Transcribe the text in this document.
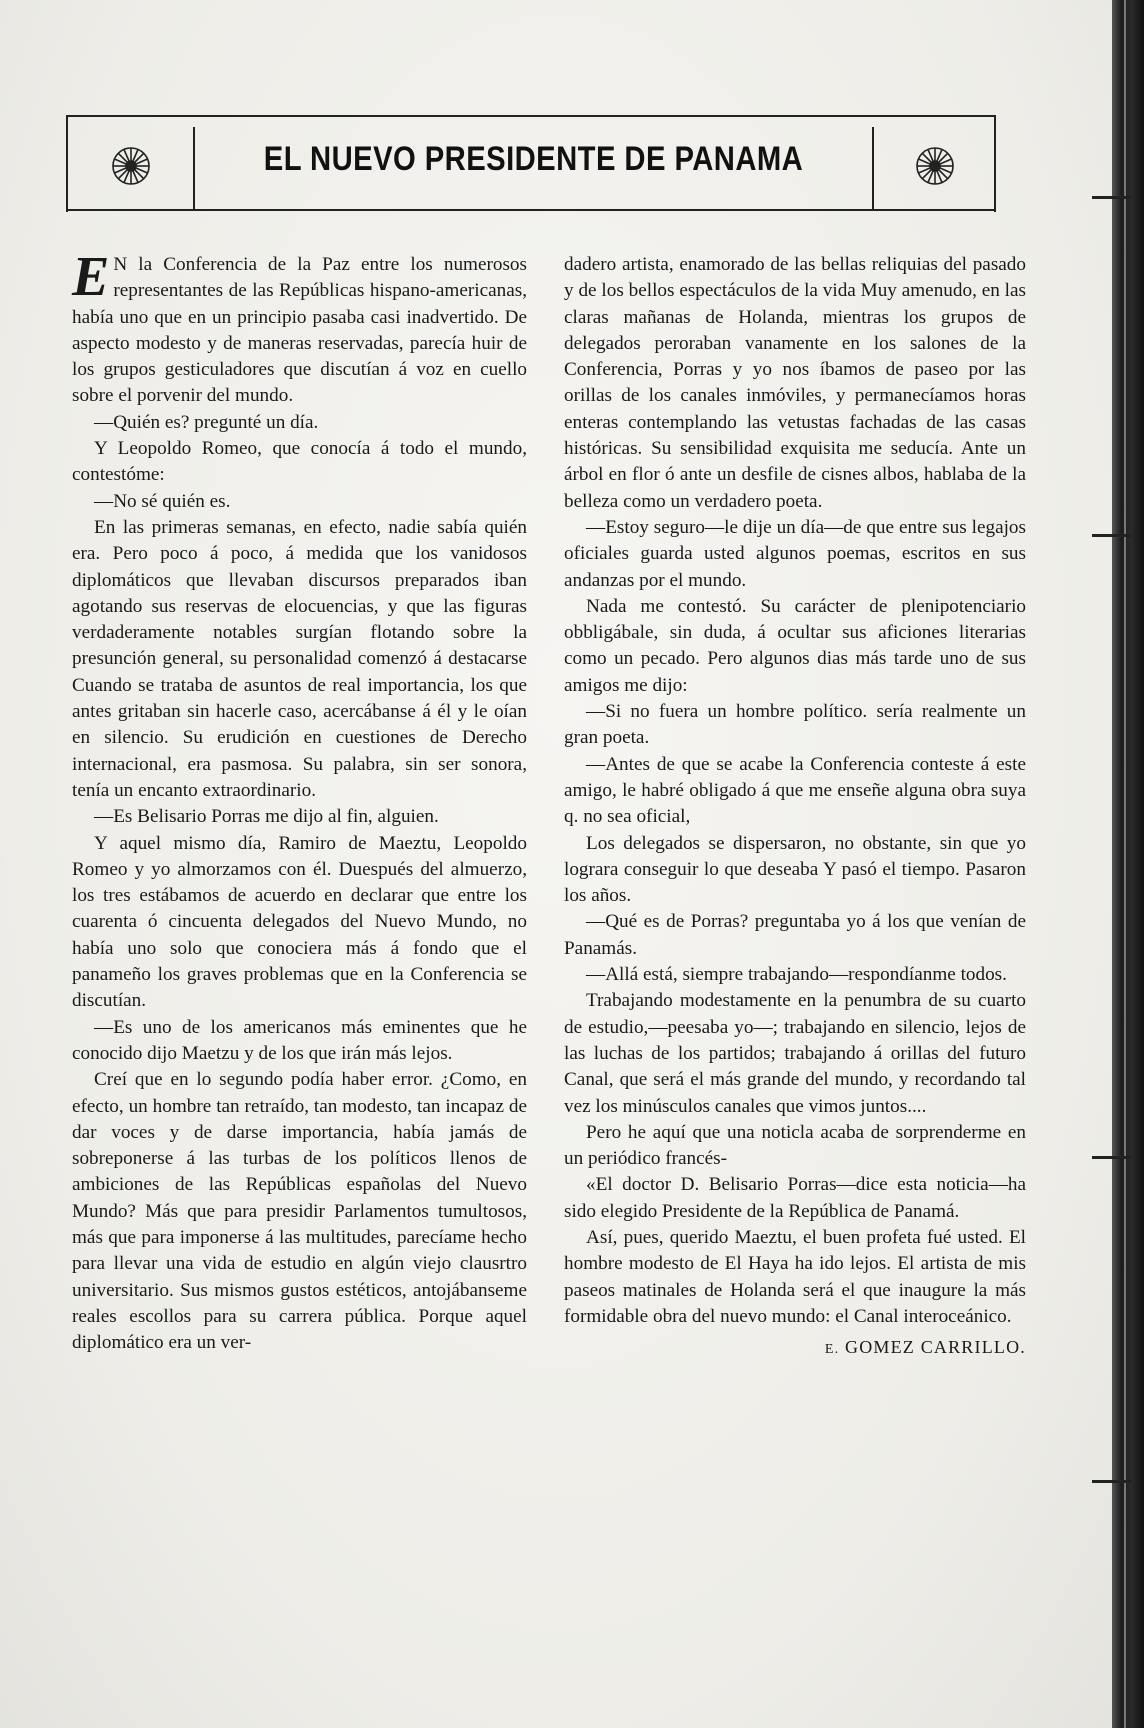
EL NUEVO PRESIDENTE DE PANAMA

E N la Conferencia de la Paz entre los numerosos representantes de las Repúblicas hispano-americanas, había uno que en un principio pasaba casi inadvertido. De aspecto modesto y de maneras reservadas, parecía huir de los grupos gesticuladores que discutían á voz en cuello sobre el porvenir del mundo.

—Quién es? pregunté un día.

Y Leopoldo Romeo, que conocía á todo el mundo, contestóme:

—No sé quién es.

En las primeras semanas, en efecto, nadie sabía quién era. Pero poco á poco, á medida que los vanidosos diplomáticos que llevaban discursos preparados iban agotando sus reservas de elocuencias, y que las figuras verdaderamente notables surgían flotando sobre la presunción general, su personalidad comenzó á destacarse Cuando se trataba de asuntos de real importancia, los que antes gritaban sin hacerle caso, acercábanse á él y le oían en silencio. Su erudición en cuestiones de Derecho internacional, era pasmosa. Su palabra, sin ser sonora, tenía un encanto extraordinario.

—Es Belisario Porras me dijo al fin, alguien.

Y aquel mismo día, Ramiro de Maeztu, Leopoldo Romeo y yo almorzamos con él. Duespués del almuerzo, los tres estábamos de acuerdo en declarar que entre los cuarenta ó cincuenta delegados del Nuevo Mundo, no había uno solo que conociera más á fondo que el panameño los graves problemas que en la Conferencia se discutían.

—Es uno de los americanos más eminentes que he conocido dijo Maetzu y de los que irán más lejos.

Creí que en lo segundo podía haber error. ¿Como, en efecto, un hombre tan retraído, tan modesto, tan incapaz de dar voces y de darse importancia, había jamás de sobreponerse á las turbas de los políticos llenos de ambiciones de las Repúblicas españolas del Nuevo Mundo? Más que para presidir Parlamentos tumultosos, más que para imponerse á las multitudes, parecíame hecho para llevar una vida de estudio en algún viejo clausrtro universitario. Sus mismos gustos estéticos, antojábanseme reales escollos para su carrera pública. Porque aquel diplomático era un ver-

dadero artista, enamorado de las bellas reliquias del pasado y de los bellos espectáculos de la vida Muy amenudo, en las claras mañanas de Holanda, mientras los grupos de delegados peroraban vanamente en los salones de la Conferencia, Porras y yo nos íbamos de paseo por las orillas de los canales inmóviles, y permanecíamos horas enteras contemplando las vetustas fachadas de las casas históricas. Su sensibilidad exquisita me seducía. Ante un árbol en flor ó ante un desfile de cisnes albos, hablaba de la belleza como un verdadero poeta.

—Estoy seguro—le dije un día—de que entre sus legajos oficiales guarda usted algunos poemas, escritos en sus andanzas por el mundo.

Nada me contestó. Su carácter de plenipotenciario obbligábale, sin duda, á ocultar sus aficiones literarias como un pecado. Pero algunos dias más tarde uno de sus amigos me dijo:

—Si no fuera un hombre político. sería realmente un gran poeta.

—Antes de que se acabe la Conferencia conteste á este amigo, le habré obligado á que me enseñe alguna obra suya q. no sea oficial,

Los delegados se dispersaron, no obstante, sin que yo lograra conseguir lo que deseaba Y pasó el tiempo. Pasaron los años.

—Qué es de Porras? preguntaba yo á los que venían de Panamás.

—Allá está, siempre trabajando—respondíanme todos.

Trabajando modestamente en la penumbra de su cuarto de estudio,—peesaba yo—; trabajando en silencio, lejos de las luchas de los partidos; trabajando á orillas del futuro Canal, que será el más grande del mundo, y recordando tal vez los minúsculos canales que vimos juntos....

Pero he aquí que una noticla acaba de sorprenderme en un periódico francés-

«El doctor D. Belisario Porras—dice esta noticia—ha sido elegido Presidente de la República de Panamá.

Así, pues, querido Maeztu, el buen profeta fué usted. El hombre modesto de El Haya ha ido lejos. El artista de mis paseos matinales de Holanda será el que inaugure la más formidable obra del nuevo mundo: el Canal interoceánico.

E. GOMEZ CARRILLO.
